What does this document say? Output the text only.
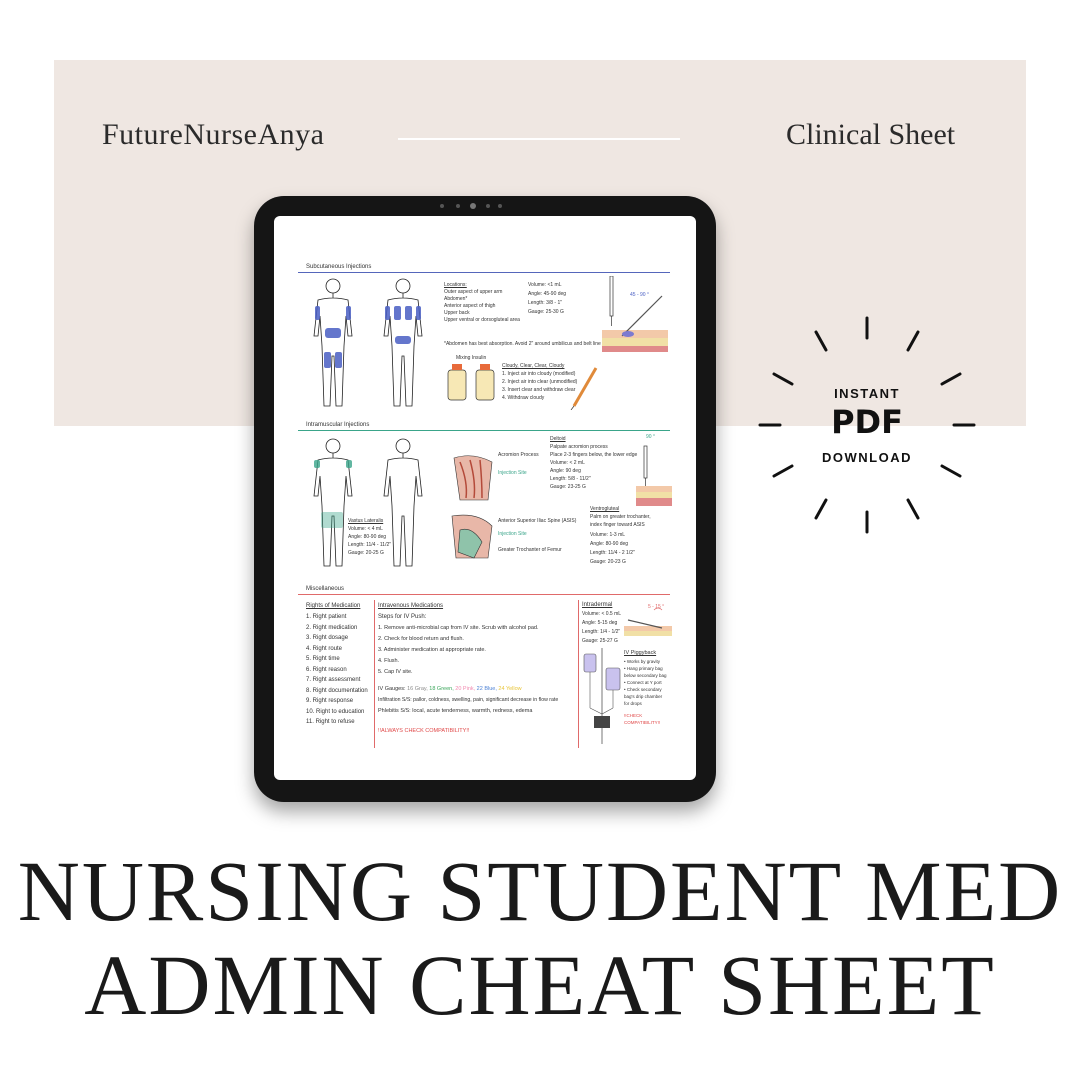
FutureNurseAnya	Clinical Sheet
Subcutaneous Injections
Locations:
Outer aspect of upper arm
Abdomen*
Anterior aspect of thigh
Upper back
Upper ventral or dorsogluteal area
Volume: <1 mL
Angle: 45-90 deg
Length: 3/8 - 1"
Gauge: 25-30 G
*Abdomen has best absorption. Avoid 2" around umbilicus and belt line
45 - 90 °
Mixing Insulin
Cloudy, Clear, Clear, Cloudy
1. Inject air into cloudy (modified)
2. Inject air into clear (unmodified)
3. Insert clear and withdraw clear
4. Withdraw cloudy
Intramuscular Injections
Vastus Lateralis
Volume: < 4 mL
Angle: 80-90 deg
Length: 11/4 - 11/2"
Gauge: 20-25 G
Acromion Process
Injection Site
Deltoid
Palpate acromion process
Place 2-3 fingers below, the lower edge
Volume: < 2 mL
Angle: 90 deg
Length: 5/8 - 11/2"
Gauge: 23-25 G
90 °
Anterior Superior Iliac Spine (ASIS)
Injection Site
Greater Trochanter of Femur
Ventrogluteal
Palm on greater trochanter,
index finger toward ASIS
Volume: 1-3 mL
Angle: 80-90 deg
Length: 11/4 - 2 1/2"
Gauge: 20-23 G
Miscellaneous
Rights of Medication
1. Right patient
2. Right medication
3. Right dosage
4. Right route
5. Right time
6. Right reason
7. Right assessment
8. Right documentation
9. Right response
10. Right to education
11. Right to refuse
Intravenous Medications
Steps for IV Push:
1. Remove anti-microbial cap from IV site. Scrub with alcohol pad.
2. Check for blood return and flush.
3. Administer medication at appropriate rate.
4. Flush.
5. Cap IV site.
IV Gauges: 16 Gray, 18 Green, 20 Pink, 22 Blue, 24 Yellow
Infiltration S/S: pallor, coldness, swelling, pain, significant decrease in flow rate
Phlebitis S/S: local, acute tenderness, warmth, redness, edema
!!ALWAYS CHECK COMPATIBILITY!!
Intradermal
Volume: < 0.5 mL
Angle: 5-15 deg
Length: 1/4 - 1/2"
Gauge: 25-27 G
5 - 15 °
IV Piggyback
• Works by gravity
• Hang primary bag
below secondary bag
• Connect at Y port
• Check secondary
bag's drip chamber
for drops
!!CHECK
COMPATIBILITY!!
INSTANT
PDF
DOWNLOAD
NURSING STUDENT MED
ADMIN CHEAT SHEET
